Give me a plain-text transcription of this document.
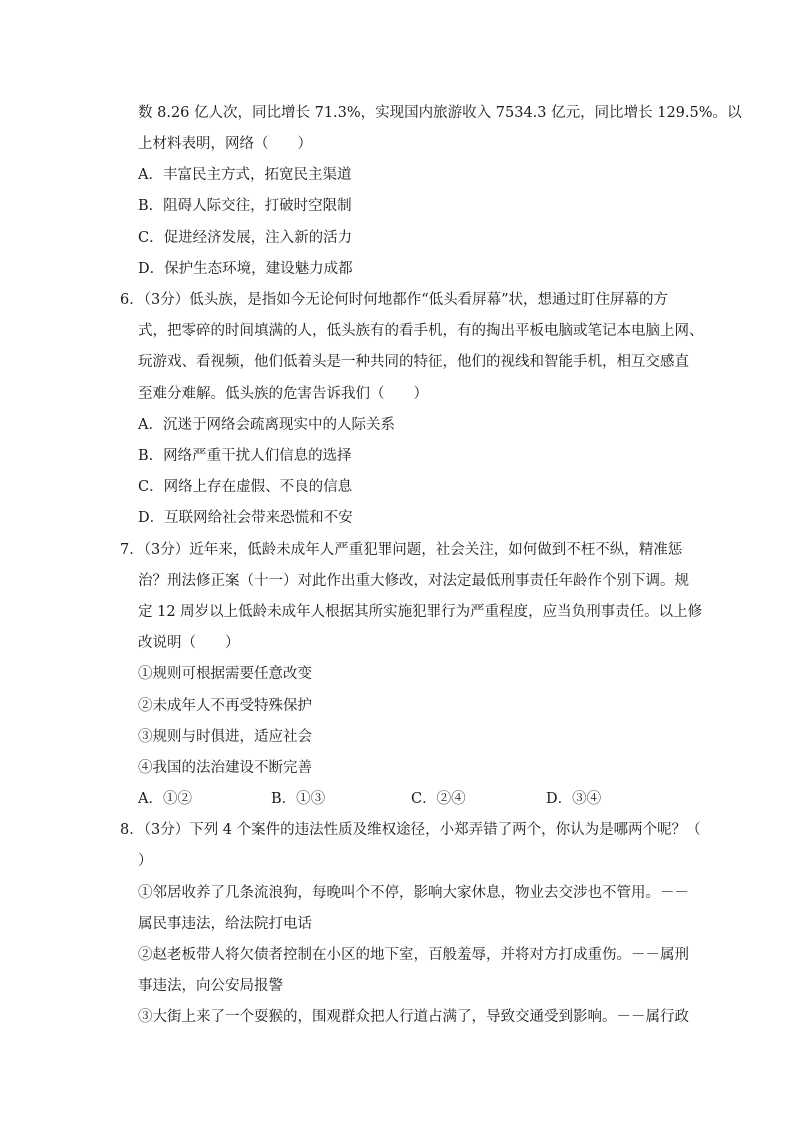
数 8.26 亿人次，同比增长 71.3%，实现国内旅游收入 7534.3 亿元，同比增长 129.5%。以
上材料表明，网络（　　）
A．丰富民主方式，拓宽民主渠道
B．阻碍人际交往，打破时空限制
C．促进经济发展，注入新的活力
D．保护生态环境，建设魅力成都
6．（3分）低头族，是指如今无论何时何地都作“低头看屏幕”状，想通过盯住屏幕的方
式，把零碎的时间填满的人，低头族有的看手机，有的掏出平板电脑或笔记本电脑上网、
玩游戏、看视频，他们低着头是一种共同的特征，他们的视线和智能手机，相互交感直
至难分难解。低头族的危害告诉我们（　　）
A．沉迷于网络会疏离现实中的人际关系
B．网络严重干扰人们信息的选择
C．网络上存在虚假、不良的信息
D．互联网给社会带来恐慌和不安
7．（3分）近年来，低龄未成年人严重犯罪问题，社会关注，如何做到不枉不纵，精准惩
治？刑法修正案（十一）对此作出重大修改，对法定最低刑事责任年龄作个别下调。规
定 12 周岁以上低龄未成年人根据其所实施犯罪行为严重程度，应当负刑事责任。以上修
改说明（　　）
①规则可根据需要任意改变
②未成年人不再受特殊保护
③规则与时俱进，适应社会
④我国的法治建设不断完善
A．①②	B．①③	C．②④	D．③④
8．（3分）下列 4 个案件的违法性质及维权途径，小郑弄错了两个，你认为是哪两个呢？（
）
①邻居收养了几条流浪狗，每晚叫个不停，影响大家休息，物业去交涉也不管用。－－
属民事违法，给法院打电话
②赵老板带人将欠债者控制在小区的地下室，百般羞辱，并将对方打成重伤。－－属刑
事违法，向公安局报警
③大街上来了一个耍猴的，围观群众把人行道占满了，导致交通受到影响。－－属行政
